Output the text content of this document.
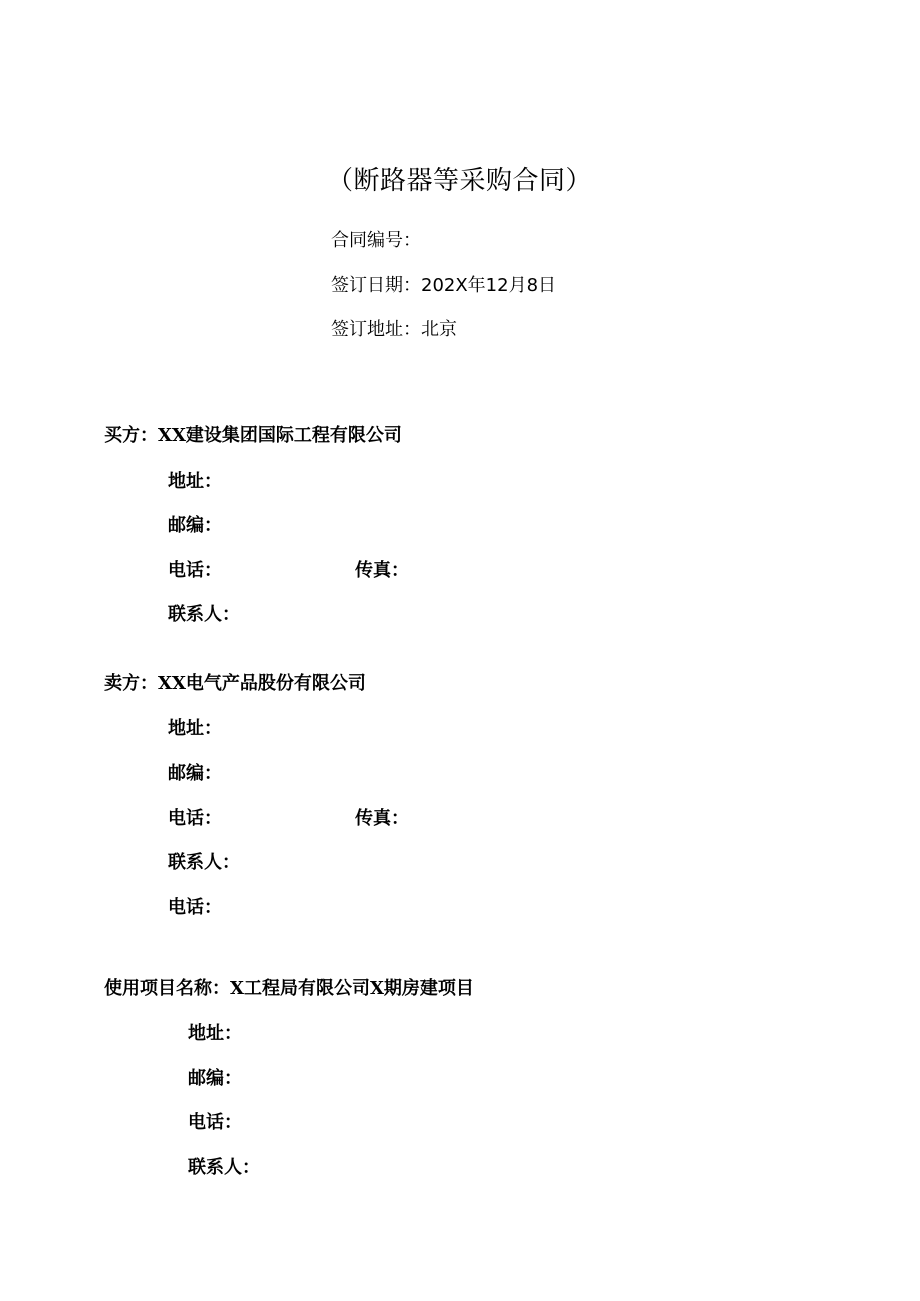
（断路器等采购合同）
合同编号：
签订日期：202X年12月8日
签订地址：北京
买方：XX建设集团国际工程有限公司
地址：
邮编：
电话：	传真：
联系人：
卖方：XX电气产品股份有限公司
地址：
邮编：
电话：	传真：
联系人：
电话：
使用项目名称：X工程局有限公司X期房建项目
地址：
邮编：
电话：
联系人：
